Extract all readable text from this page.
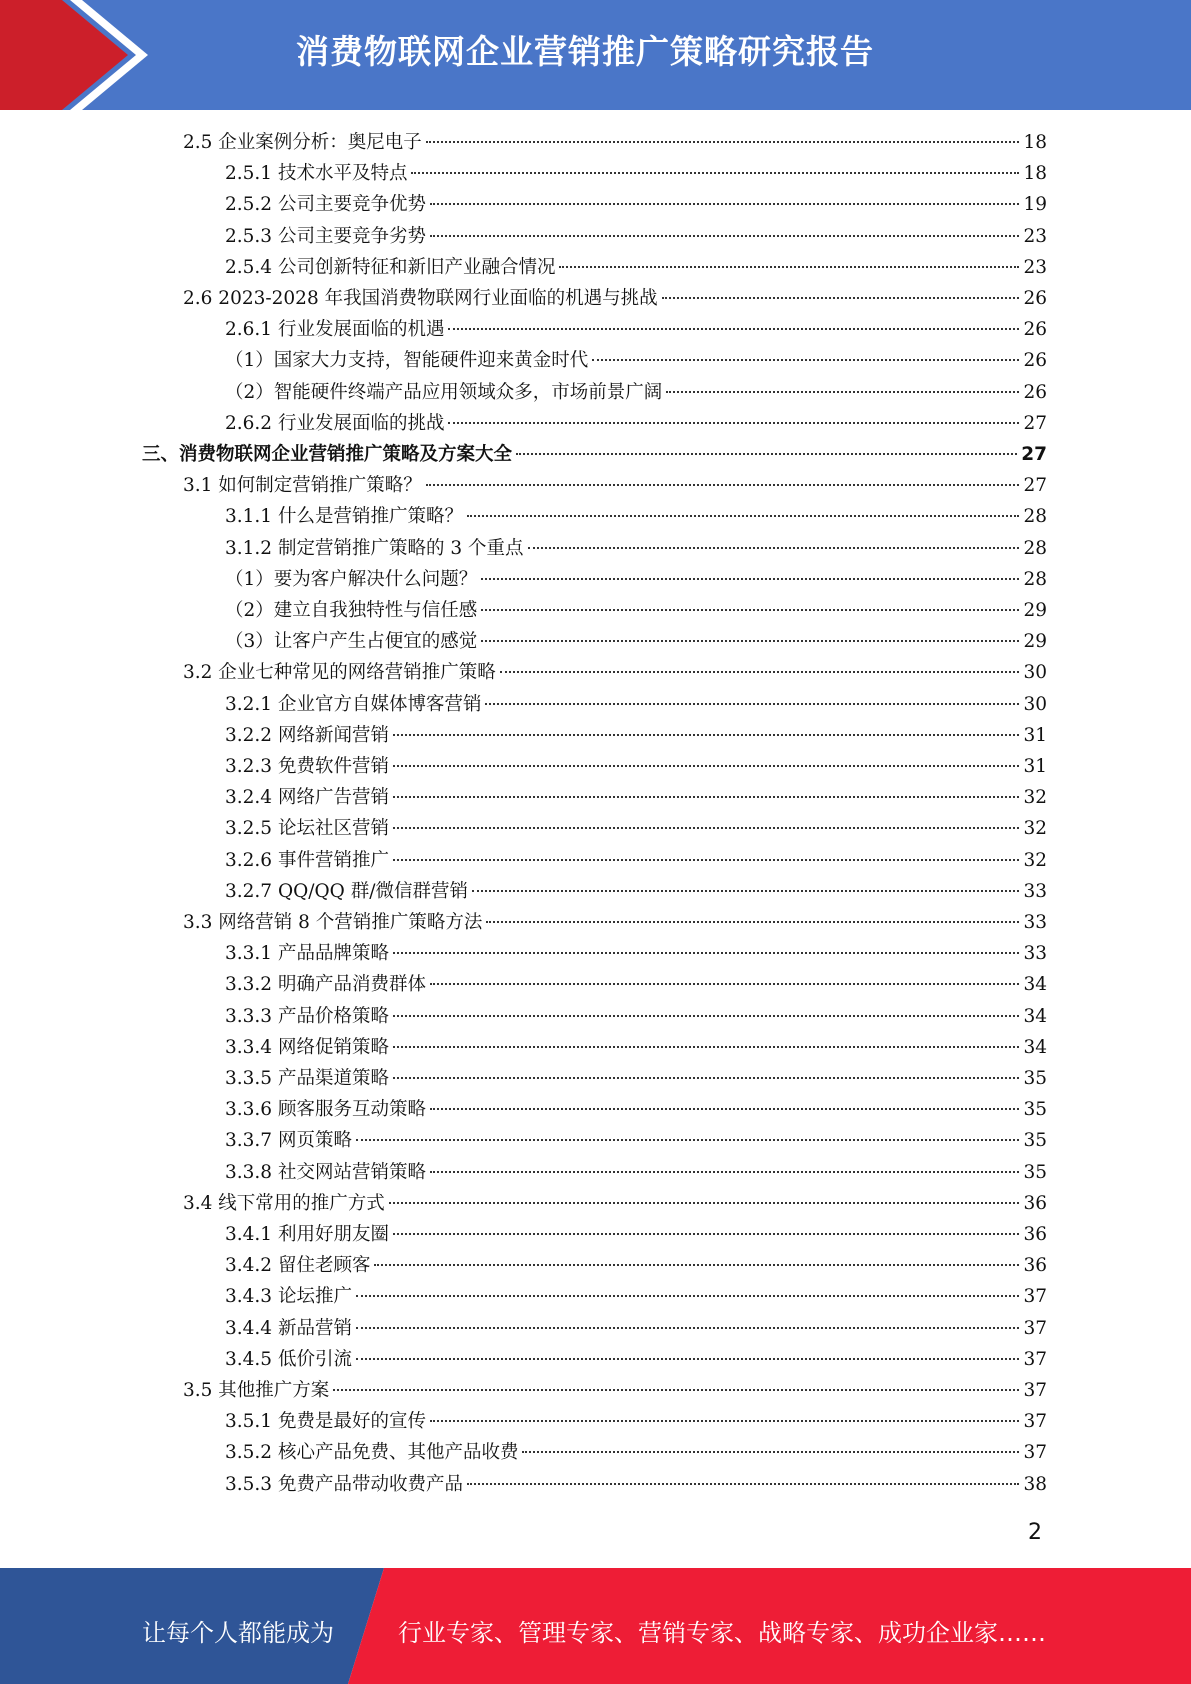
消费物联网企业营销推广策略研究报告
2.5 企业案例分析：奥尼电子	18
2.5.1 技术水平及特点	18
2.5.2 公司主要竞争优势	19
2.5.3 公司主要竞争劣势	23
2.5.4 公司创新特征和新旧产业融合情况	23
2.6 2023-2028 年我国消费物联网行业面临的机遇与挑战	26
2.6.1 行业发展面临的机遇	26
（1）国家大力支持，智能硬件迎来黄金时代	26
（2）智能硬件终端产品应用领域众多，市场前景广阔	26
2.6.2 行业发展面临的挑战	27
三、消费物联网企业营销推广策略及方案大全	27
3.1 如何制定营销推广策略？	27
3.1.1 什么是营销推广策略？	28
3.1.2 制定营销推广策略的 3 个重点	28
（1）要为客户解决什么问题？	28
（2）建立自我独特性与信任感	29
（3）让客户产生占便宜的感觉	29
3.2 企业七种常见的网络营销推广策略	30
3.2.1 企业官方自媒体博客营销	30
3.2.2 网络新闻营销	31
3.2.3 免费软件营销	31
3.2.4 网络广告营销	32
3.2.5 论坛社区营销	32
3.2.6 事件营销推广	32
3.2.7 QQ/QQ 群/微信群营销	33
3.3 网络营销 8 个营销推广策略方法	33
3.3.1 产品品牌策略	33
3.3.2 明确产品消费群体	34
3.3.3 产品价格策略	34
3.3.4 网络促销策略	34
3.3.5 产品渠道策略	35
3.3.6 顾客服务互动策略	35
3.3.7 网页策略	35
3.3.8 社交网站营销策略	35
3.4 线下常用的推广方式	36
3.4.1 利用好朋友圈	36
3.4.2 留住老顾客	36
3.4.3 论坛推广	37
3.4.4 新品营销	37
3.4.5 低价引流	37
3.5 其他推广方案	37
3.5.1 免费是最好的宣传	37
3.5.2 核心产品免费、其他产品收费	37
3.5.3 免费产品带动收费产品	38
2
让每个人都能成为	行业专家、管理专家、营销专家、战略专家、成功企业家……
